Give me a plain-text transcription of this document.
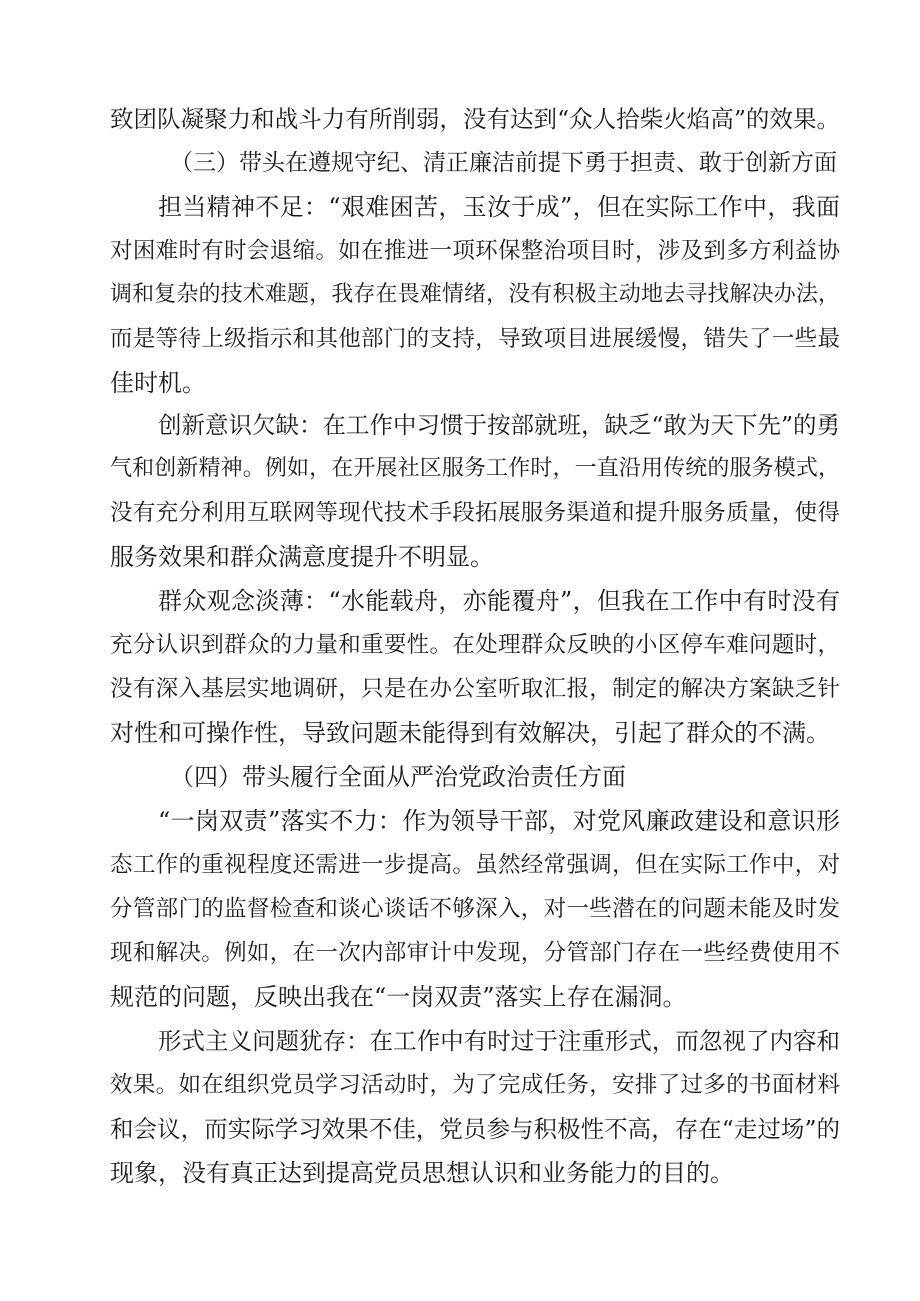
致团队凝聚力和战斗力有所削弱，没有达到“众人拾柴火焰高”的效果。
（三）带头在遵规守纪、清正廉洁前提下勇于担责、敢于创新方面
担当精神不足：“艰难困苦，玉汝于成”，但在实际工作中，我面
对困难时有时会退缩。如在推进一项环保整治项目时，涉及到多方利益协
调和复杂的技术难题，我存在畏难情绪，没有积极主动地去寻找解决办法，
而是等待上级指示和其他部门的支持，导致项目进展缓慢，错失了一些最
佳时机。
创新意识欠缺：在工作中习惯于按部就班，缺乏“敢为天下先”的勇
气和创新精神。例如，在开展社区服务工作时，一直沿用传统的服务模式，
没有充分利用互联网等现代技术手段拓展服务渠道和提升服务质量，使得
服务效果和群众满意度提升不明显。
群众观念淡薄：“水能载舟，亦能覆舟”，但我在工作中有时没有
充分认识到群众的力量和重要性。在处理群众反映的小区停车难问题时，
没有深入基层实地调研，只是在办公室听取汇报，制定的解决方案缺乏针
对性和可操作性，导致问题未能得到有效解决，引起了群众的不满。
（四）带头履行全面从严治党政治责任方面
“一岗双责”落实不力：作为领导干部，对党风廉政建设和意识形
态工作的重视程度还需进一步提高。虽然经常强调，但在实际工作中，对
分管部门的监督检查和谈心谈话不够深入，对一些潜在的问题未能及时发
现和解决。例如，在一次内部审计中发现，分管部门存在一些经费使用不
规范的问题，反映出我在“一岗双责”落实上存在漏洞。
形式主义问题犹存：在工作中有时过于注重形式，而忽视了内容和
效果。如在组织党员学习活动时，为了完成任务，安排了过多的书面材料
和会议，而实际学习效果不佳，党员参与积极性不高，存在“走过场”的
现象，没有真正达到提高党员思想认识和业务能力的目的。
